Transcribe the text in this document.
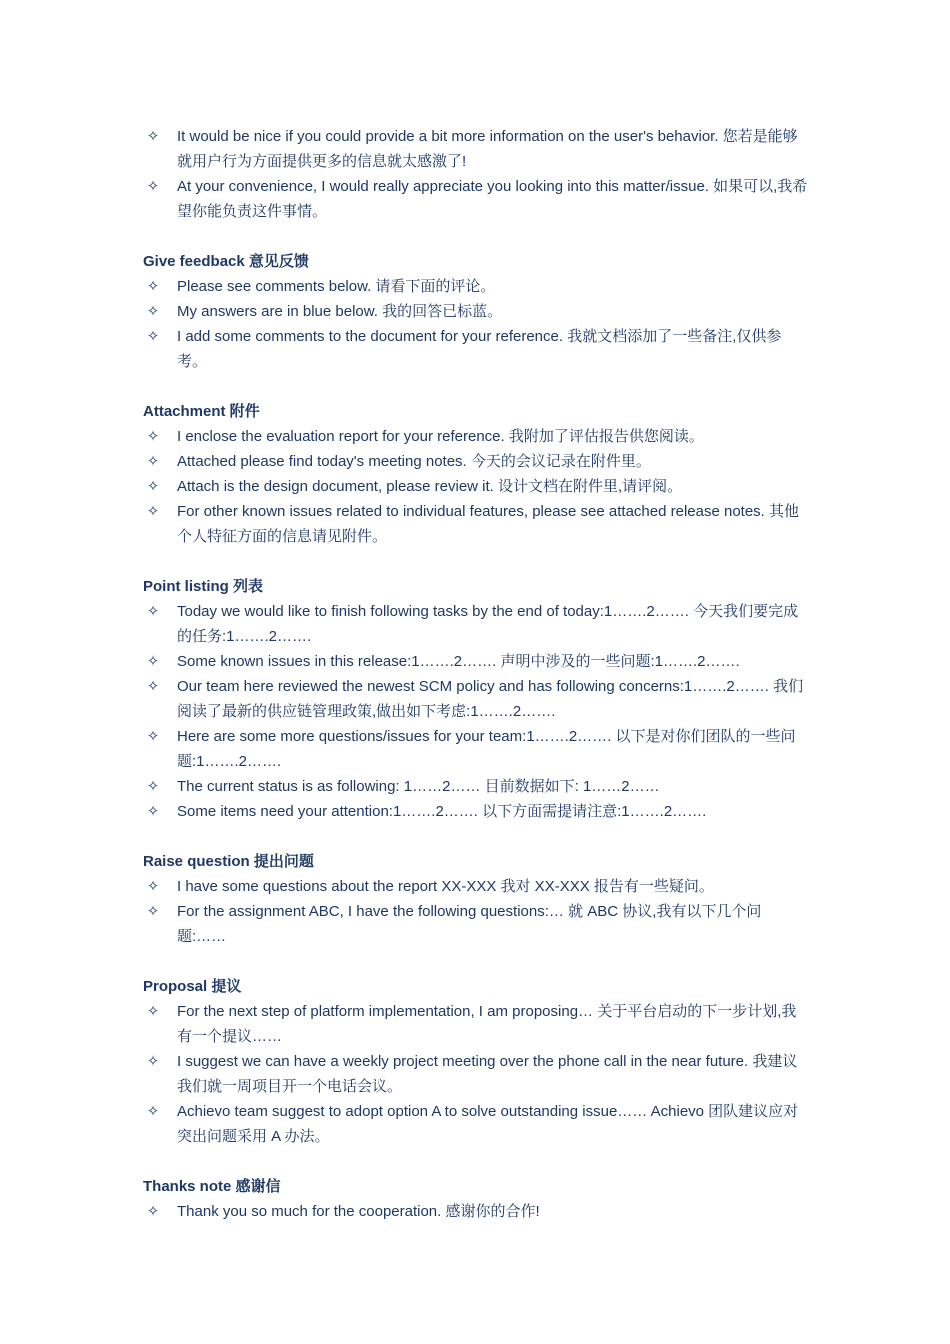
✧ It would be nice if you could provide a bit more information on the user's behavior. 您若是能够就用户行为方面提供更多的信息就太感激了!

✧ At your convenience, I would really appreciate you looking into this matter/issue. 如果可以,我希望你能负责这件事情。

Give feedback 意见反馈

✧ Please see comments below. 请看下面的评论。

✧ My answers are in blue below. 我的回答已标蓝。

✧ I add some comments to the document for your reference. 我就文档添加了一些备注,仅供参考。

Attachment 附件

✧ I enclose the evaluation report for your reference. 我附加了评估报告供您阅读。

✧ Attached please find today's meeting notes. 今天的会议记录在附件里。

✧ Attach is the design document, please review it. 设计文档在附件里,请评阅。

✧ For other known issues related to individual features, please see attached release notes. 其他个人特征方面的信息请见附件。

Point listing 列表

✧ Today we would like to finish following tasks by the end of today:1…….2……. 今天我们要完成的任务:1…….2…….

✧ Some known issues in this release:1…….2……. 声明中涉及的一些问题:1…….2…….

✧ Our team here reviewed the newest SCM policy and has following concerns:1…….2……. 我们阅读了最新的供应链管理政策,做出如下考虑:1…….2…….

✧ Here are some more questions/issues for your team:1…….2……. 以下是对你们团队的一些问题:1…….2…….

✧ The current status is as following: 1……2…… 目前数据如下: 1……2……

✧ Some items need your attention:1…….2……. 以下方面需提请注意:1…….2…….

Raise question 提出问题

✧ I have some questions about the report XX-XXX 我对 XX-XXX 报告有一些疑问。

✧ For the assignment ABC, I have the following questions:… 就 ABC 协议,我有以下几个问题:……

Proposal 提议

✧ For the next step of platform implementation, I am proposing… 关于平台启动的下一步计划,我有一个提议……

✧ I suggest we can have a weekly project meeting over the phone call in the near future. 我建议我们就一周项目开一个电话会议。

✧ Achievo team suggest to adopt option A to solve outstanding issue…… Achievo 团队建议应对突出问题采用 A 办法。

Thanks note 感谢信

✧ Thank you so much for the cooperation. 感谢你的合作!
